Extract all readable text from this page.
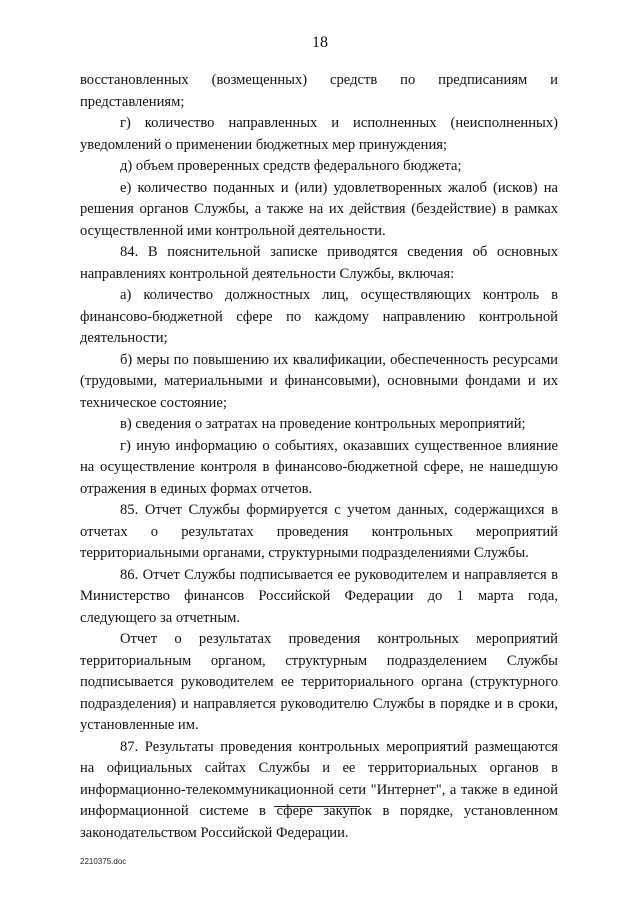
18

восстановленных (возмещенных) средств по предписаниям и представлениям;

г) количество направленных и исполненных (неисполненных) уведомлений о применении бюджетных мер принуждения;

д) объем проверенных средств федерального бюджета;

е) количество поданных и (или) удовлетворенных жалоб (исков) на решения органов Службы, а также на их действия (бездействие) в рамках осуществленной ими контрольной деятельности.

84. В пояснительной записке приводятся сведения об основных направлениях контрольной деятельности Службы, включая:

а) количество должностных лиц, осуществляющих контроль в финансово-бюджетной сфере по каждому направлению контрольной деятельности;

б) меры по повышению их квалификации, обеспеченность ресурсами (трудовыми, материальными и финансовыми), основными фондами и их техническое состояние;

в) сведения о затратах на проведение контрольных мероприятий;

г) иную информацию о событиях, оказавших существенное влияние на осуществление контроля в финансово-бюджетной сфере, не нашедшую отражения в единых формах отчетов.

85. Отчет Службы формируется с учетом данных, содержащихся в отчетах о результатах проведения контрольных мероприятий территориальными органами, структурными подразделениями Службы.

86. Отчет Службы подписывается ее руководителем и направляется в Министерство финансов Российской Федерации до 1 марта года, следующего за отчетным.

Отчет о результатах проведения контрольных мероприятий территориальным органом, структурным подразделением Службы подписывается руководителем ее территориального органа (структурного подразделения) и направляется руководителю Службы в порядке и в сроки, установленные им.

87. Результаты проведения контрольных мероприятий размещаются на официальных сайтах Службы и ее территориальных органов в информационно-телекоммуникационной сети "Интернет", а также в единой информационной системе в сфере закупок в порядке, установленном законодательством Российской Федерации.

2210375.doc
